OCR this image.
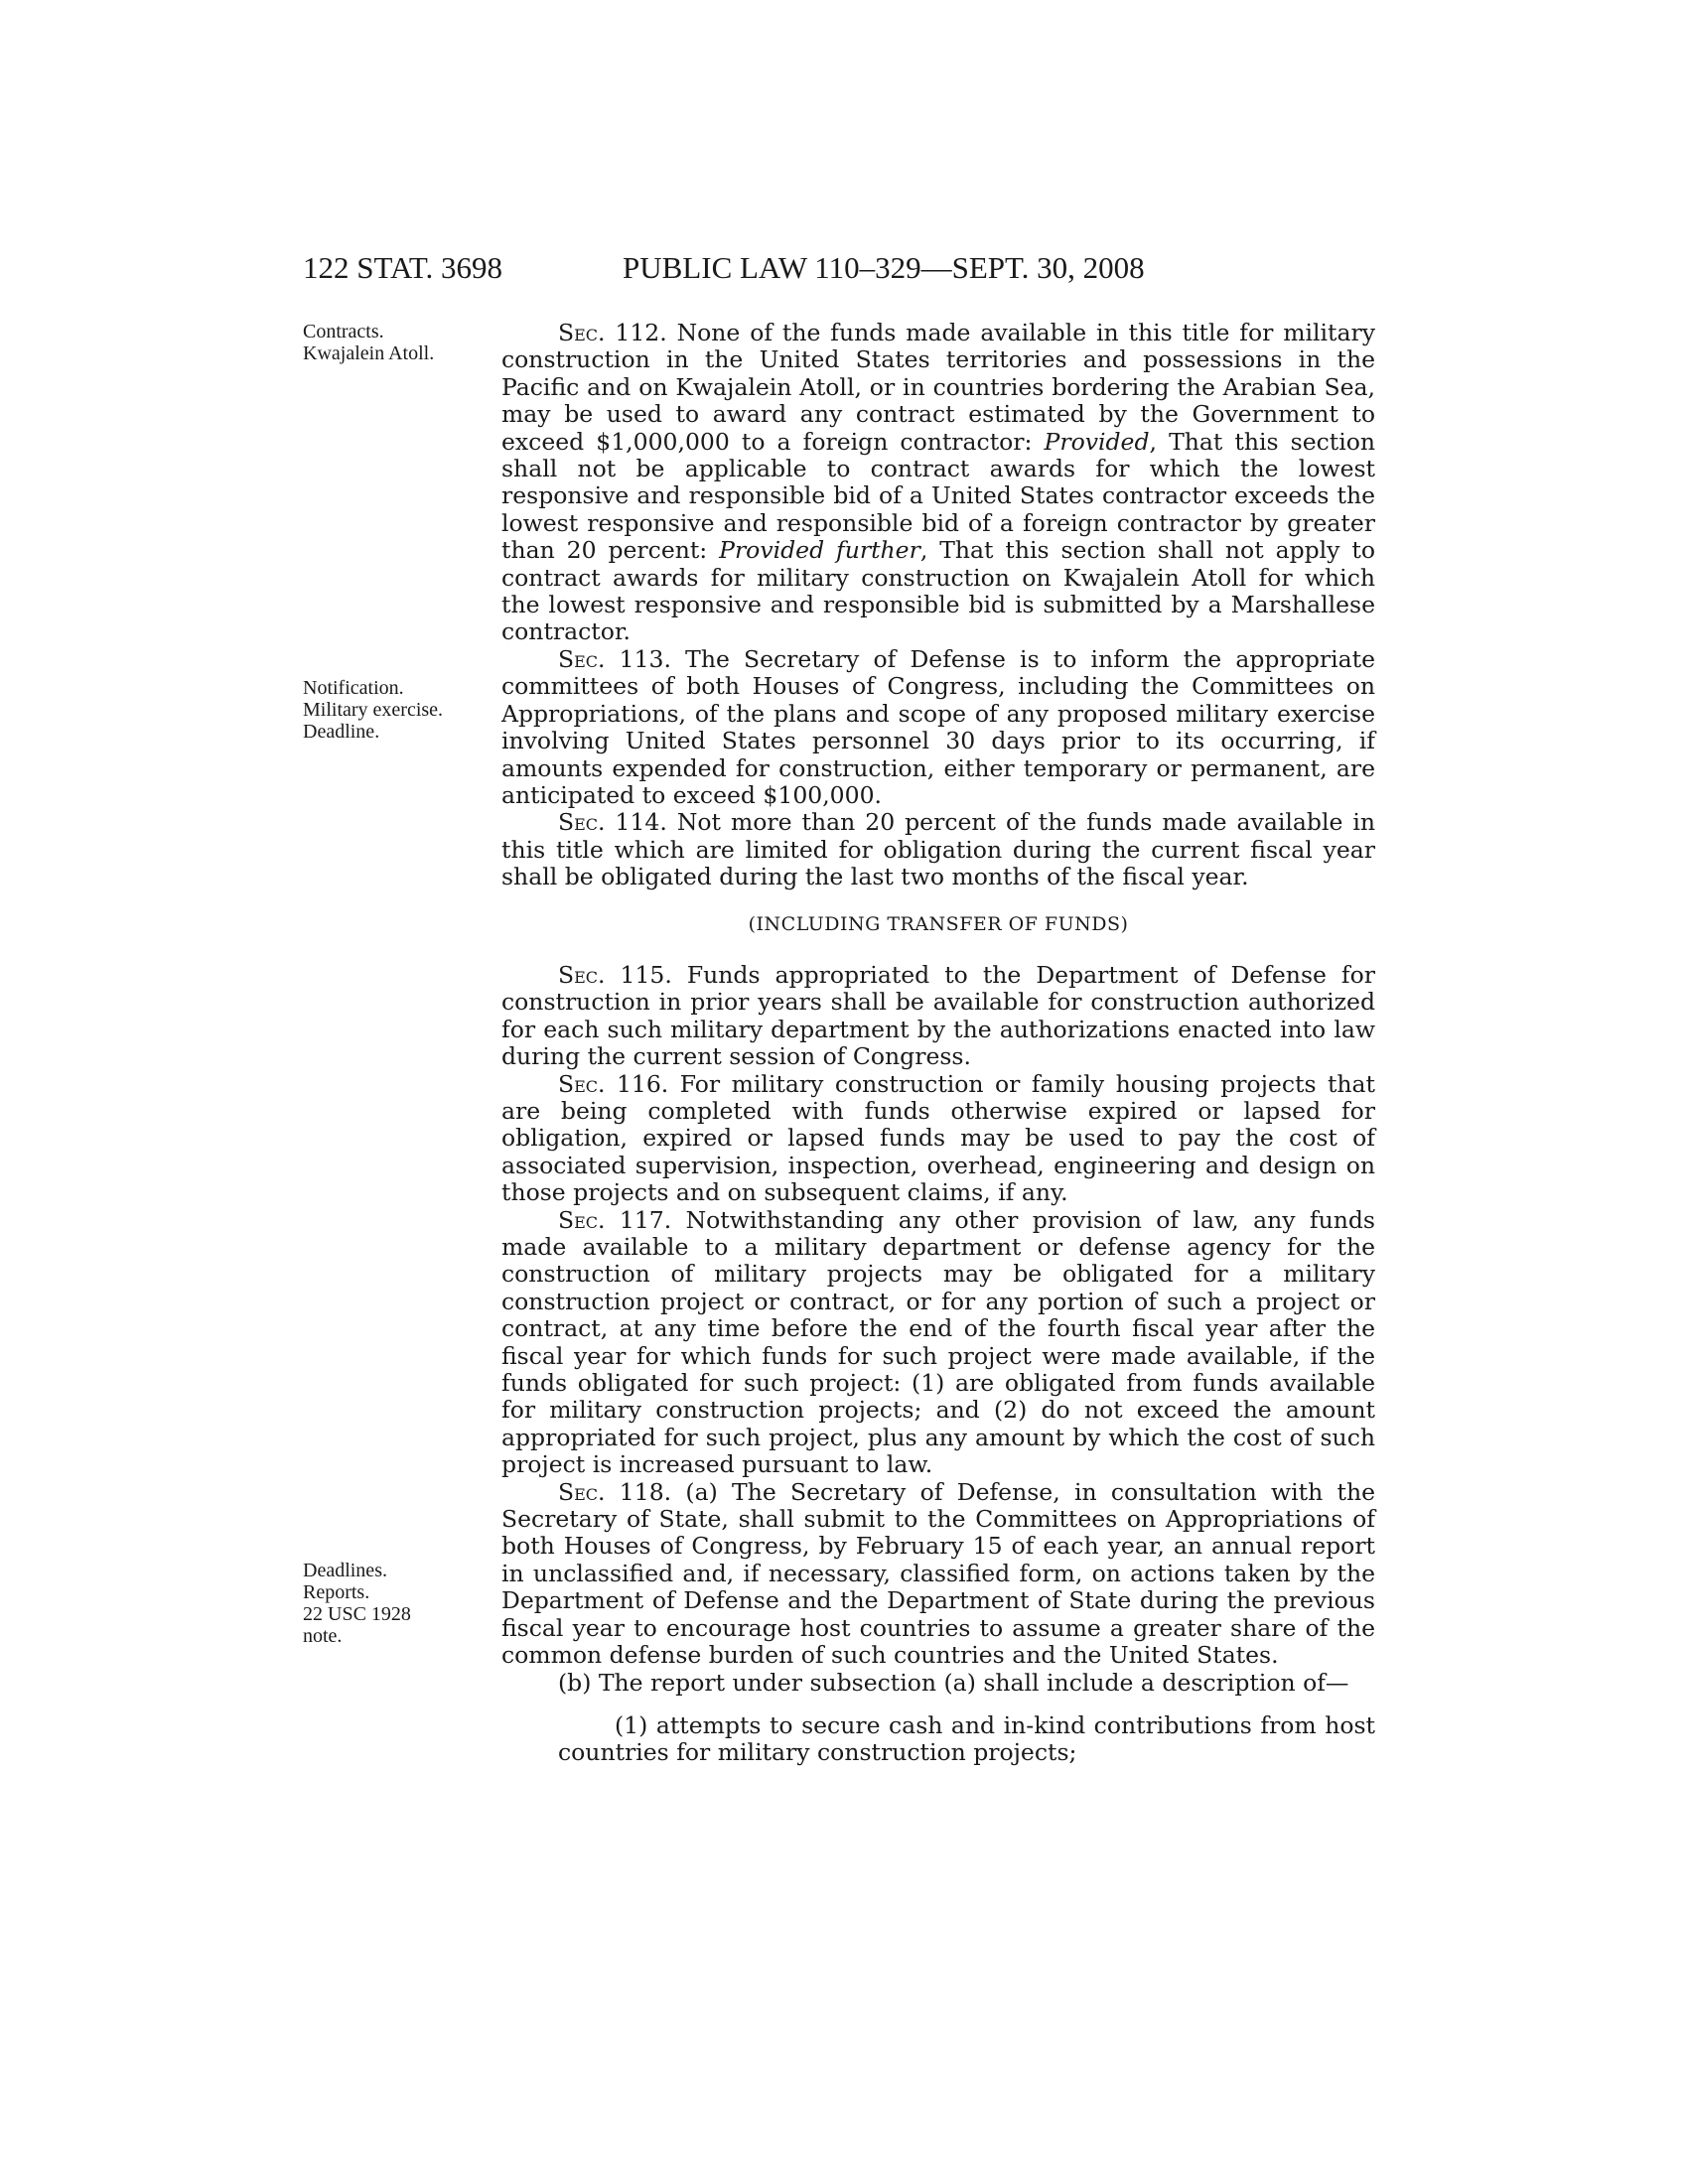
122 STAT. 3698	PUBLIC LAW 110–329—SEPT. 30, 2008
Contracts.
Kwajalein Atoll.
Notification.
Military exercise.
Deadline.
Deadlines.
Reports.
22 USC 1928
note.

Sec. 112. None of the funds made available in this title for military construction in the United States territories and possessions in the Pacific and on Kwajalein Atoll, or in countries bordering the Arabian Sea, may be used to award any contract estimated by the Government to exceed $1,000,000 to a foreign contractor: Provided, That this section shall not be applicable to contract awards for which the lowest responsive and responsible bid of a United States contractor exceeds the lowest responsive and responsible bid of a foreign contractor by greater than 20 percent: Provided further, That this section shall not apply to contract awards for military construction on Kwajalein Atoll for which the lowest responsive and responsible bid is submitted by a Marshallese contractor.

Sec. 113. The Secretary of Defense is to inform the appropriate committees of both Houses of Congress, including the Committees on Appropriations, of the plans and scope of any proposed military exercise involving United States personnel 30 days prior to its occurring, if amounts expended for construction, either temporary or permanent, are anticipated to exceed $100,000.

Sec. 114. Not more than 20 percent of the funds made available in this title which are limited for obligation during the current fiscal year shall be obligated during the last two months of the fiscal year.

(INCLUDING TRANSFER OF FUNDS)

Sec. 115. Funds appropriated to the Department of Defense for construction in prior years shall be available for construction authorized for each such military department by the authorizations enacted into law during the current session of Congress.

Sec. 116. For military construction or family housing projects that are being completed with funds otherwise expired or lapsed for obligation, expired or lapsed funds may be used to pay the cost of associated supervision, inspection, overhead, engineering and design on those projects and on subsequent claims, if any.

Sec. 117. Notwithstanding any other provision of law, any funds made available to a military department or defense agency for the construction of military projects may be obligated for a military construction project or contract, or for any portion of such a project or contract, at any time before the end of the fourth fiscal year after the fiscal year for which funds for such project were made available, if the funds obligated for such project: (1) are obligated from funds available for military construction projects; and (2) do not exceed the amount appropriated for such project, plus any amount by which the cost of such project is increased pursuant to law.

Sec. 118. (a) The Secretary of Defense, in consultation with the Secretary of State, shall submit to the Committees on Appropriations of both Houses of Congress, by February 15 of each year, an annual report in unclassified and, if necessary, classified form, on actions taken by the Department of Defense and the Department of State during the previous fiscal year to encourage host countries to assume a greater share of the common defense burden of such countries and the United States.

(b) The report under subsection (a) shall include a description of—

(1) attempts to secure cash and in-kind contributions from host countries for military construction projects;
